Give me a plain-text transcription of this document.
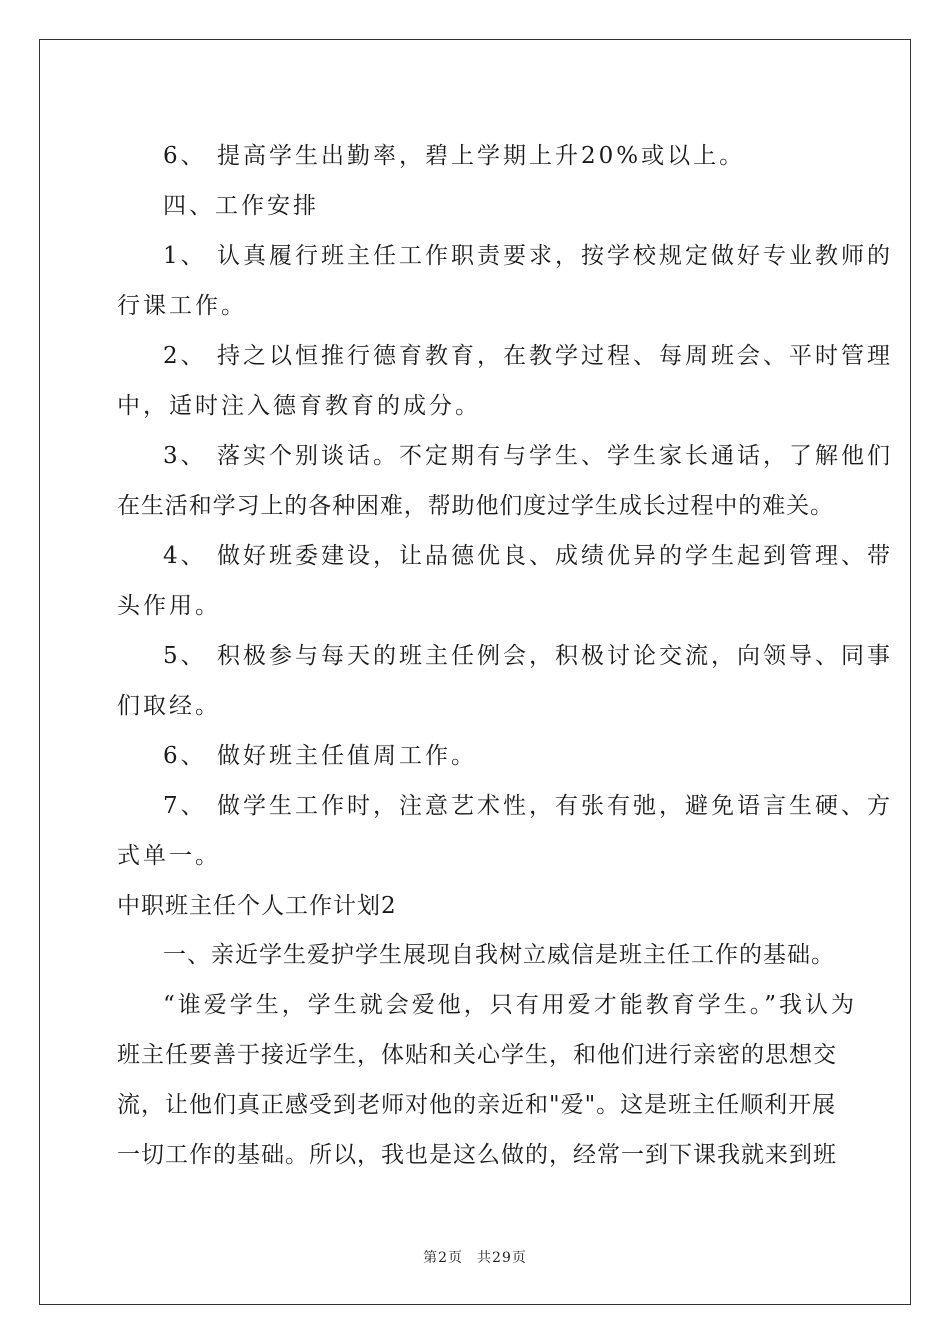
6、 提高学生出勤率，碧上学期上升20%或以上。
四、工作安排
1、 认真履行班主任工作职责要求，按学校规定做好专业教师的
行课工作。
2、 持之以恒推行德育教育，在教学过程、每周班会、平时管理
中，适时注入德育教育的成分。
3、 落实个别谈话。不定期有与学生、学生家长通话，了解他们
在生活和学习上的各种困难，帮助他们度过学生成长过程中的难关。
4、 做好班委建设，让品德优良、成绩优异的学生起到管理、带
头作用。
5、 积极参与每天的班主任例会，积极讨论交流，向领导、同事
们取经。
6、 做好班主任值周工作。
7、 做学生工作时，注意艺术性，有张有弛，避免语言生硬、方
式单一。
中职班主任个人工作计划2
一、亲近学生爱护学生展现自我树立威信是班主任工作的基础。
“谁爱学生，学生就会爱他，只有用爱才能教育学生。”我认为
班主任要善于接近学生，体贴和关心学生，和他们进行亲密的思想交
流，让他们真正感受到老师对他的亲近和"爱"。这是班主任顺利开展
一切工作的基础。所以，我也是这么做的，经常一到下课我就来到班
第2页 共29页
